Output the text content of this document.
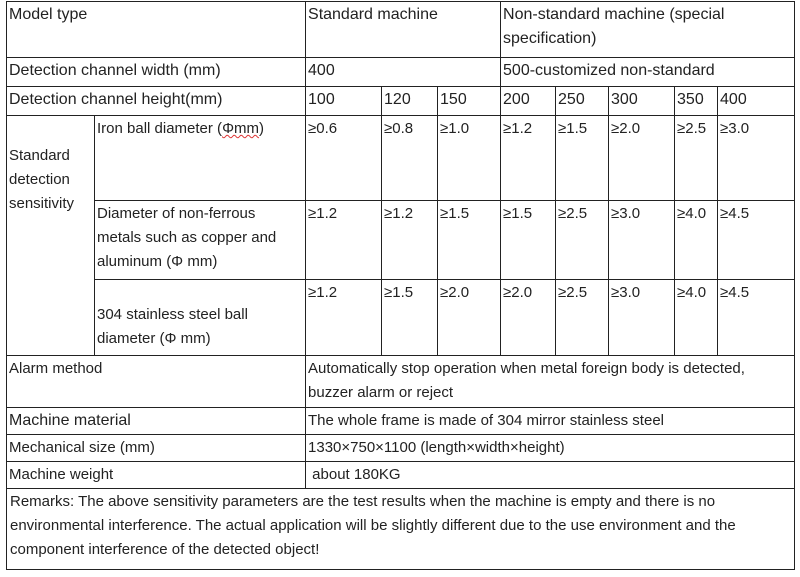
Model type		Standard machine			Non-standard machine (special specification)				
Detection channel width (mm)		400			500-customized non-standard				
Detection channel height(mm)		100	120	150	200	250	300	350	400
Standard detection sensitivity	Iron ball diameter (Φmm)	≥0.6	≥0.8	≥1.0	≥1.2	≥1.5	≥2.0	≥2.5	≥3.0
	Diameter of non-ferrous metals such as copper and aluminum (Φ mm)	≥1.2	≥1.2	≥1.5	≥1.5	≥2.5	≥3.0	≥4.0	≥4.5
	304 stainless steel ball diameter (Φ mm)	≥1.2	≥1.5	≥2.0	≥2.0	≥2.5	≥3.0	≥4.0	≥4.5
Alarm method		Automatically stop operation when metal foreign body is detected, buzzer alarm or reject							
Machine material		The whole frame is made of 304 mirror stainless steel							
Mechanical size (mm)		1330×750×1100 (length×width×height)							
Machine weight		about 180KG							
Remarks: The above sensitivity parameters are the test results when the machine is empty and there is no environmental interference. The actual application will be slightly different due to the use environment and the component interference of the detected object!									
